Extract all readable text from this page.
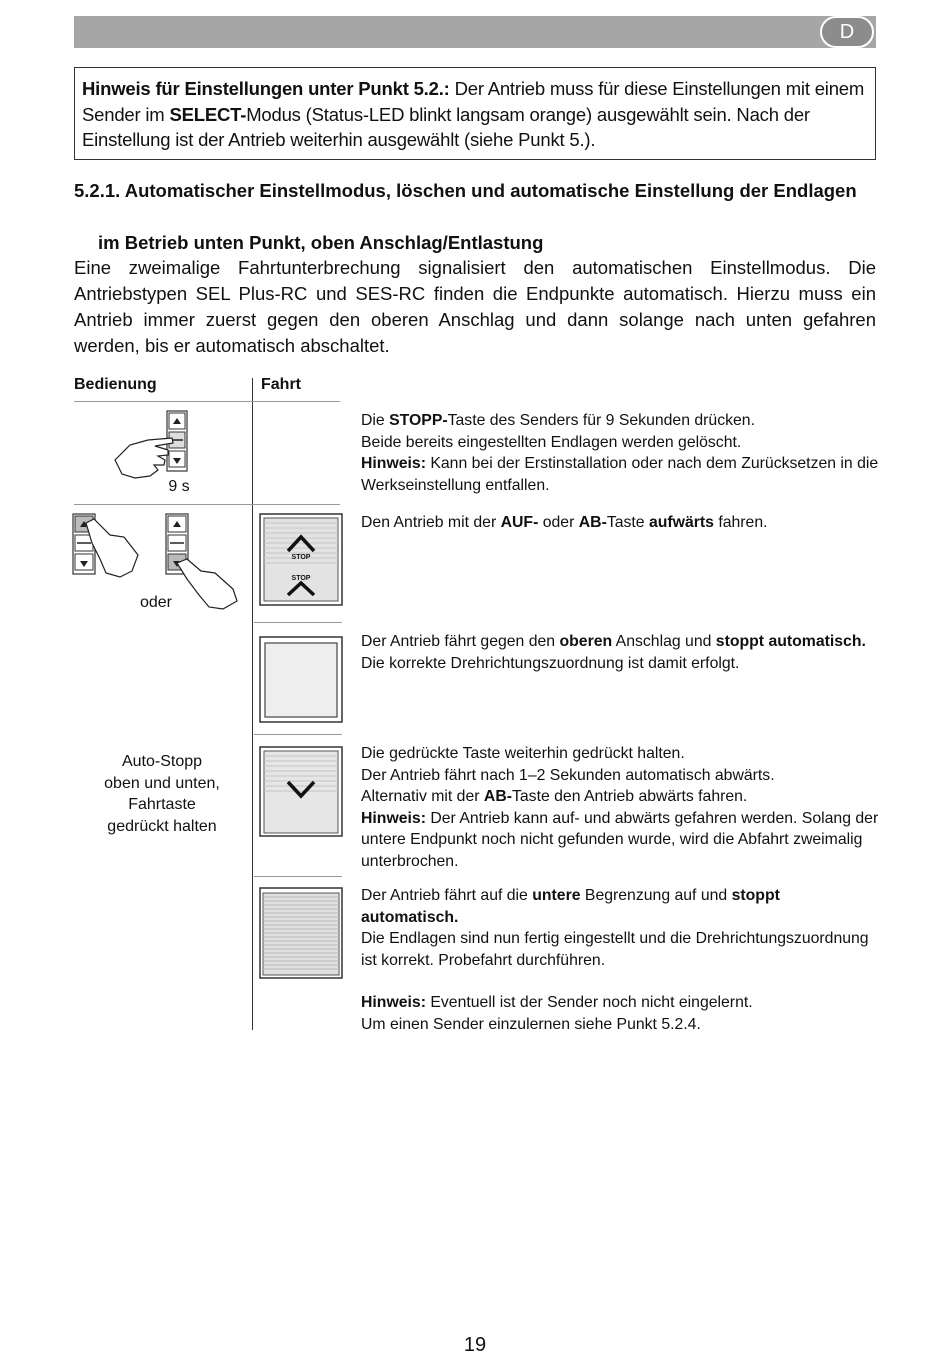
D
Hinweis für Einstellungen unter Punkt 5.2.: Der Antrieb muss für diese Einstellungen mit einem Sender im SELECT-Modus (Status-LED blinkt langsam orange) ausgewählt sein. Nach der Einstellung ist der Antrieb weiterhin ausgewählt (siehe Punkt 5.).
5.2.1. Automatischer Einstellmodus, löschen und automatische Einstellung der Endlagen
im Betrieb unten Punkt, oben Anschlag/Entlastung
Eine zweimalige Fahrtunterbrechung signalisiert den automatischen Einstellmodus. Die Antriebstypen SEL Plus-RC und SES-RC finden die Endpunkte automatisch. Hierzu muss ein Antrieb immer zuerst gegen den oberen Anschlag und dann solange nach unten gefahren werden, bis er automatisch abschaltet.
Bedienung	Fahrt
9 s
oder
Auto-Stopp
oben und unten,
Fahrtaste
gedrückt halten
STOP
STOP
Die STOPP-Taste des Senders für 9 Sekunden drücken.
Beide bereits eingestellten Endlagen werden gelöscht.
Hinweis: Kann bei der Erstinstallation oder nach dem Zurücksetzen in die Werkseinstellung entfallen.
Den Antrieb mit der AUF- oder AB-Taste aufwärts fahren.
Der Antrieb fährt gegen den oberen Anschlag und stoppt automatisch. Die korrekte Drehrichtungszuordnung ist damit erfolgt.
Die gedrückte Taste weiterhin gedrückt halten.
Der Antrieb fährt nach 1–2 Sekunden automatisch abwärts.
Alternativ mit der AB-Taste den Antrieb abwärts fahren.
Hinweis: Der Antrieb kann auf- und abwärts gefahren werden. Solang der untere Endpunkt noch nicht gefunden wurde, wird die Abfahrt zweimalig unterbrochen.
Der Antrieb fährt auf die untere Begrenzung auf und stoppt automatisch.
Die Endlagen sind nun fertig eingestellt und die Drehrichtungszuordnung ist korrekt. Probefahrt durchführen.
Hinweis: Eventuell ist der Sender noch nicht eingelernt.
Um einen Sender einzulernen siehe Punkt 5.2.4.
19
